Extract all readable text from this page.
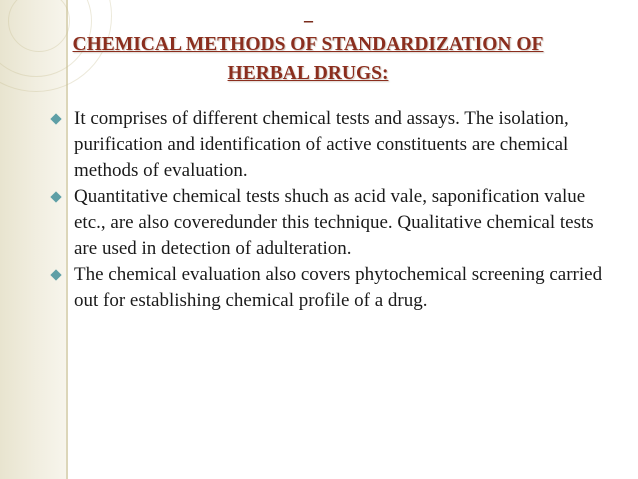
_
CHEMICAL METHODS OF STANDARDIZATION OF HERBAL DRUGS:
It comprises of different chemical tests and assays. The isolation, purification and identification of active constituents are chemical methods of evaluation.
Quantitative chemical tests shuch as acid vale, saponification value etc., are also coveredunder this technique. Qualitative chemical tests are used in detection of adulteration.
The chemical evaluation also covers phytochemical screening carried out for establishing chemical profile of a drug.
